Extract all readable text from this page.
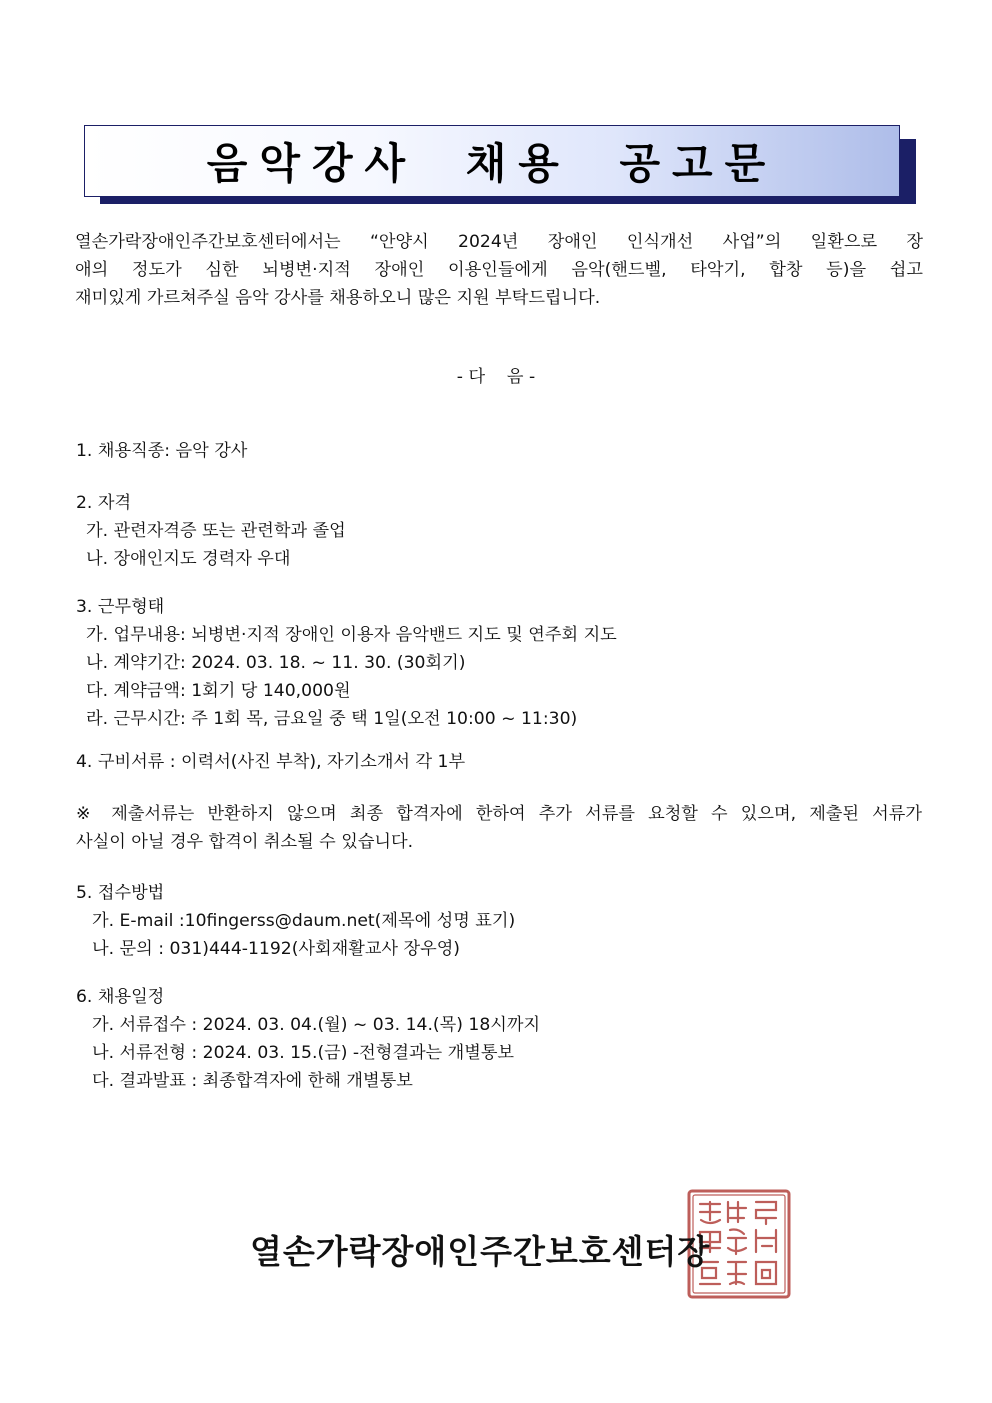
음악강사 채용 공고문
열손가락장애인주간보호센터에서는 “안양시 2024년 장애인 인식개선 사업”의 일환으로 장
애의 정도가 심한 뇌병변·지적 장애인 이용인들에게 음악(핸드벨, 타악기, 합창 등)을 쉽고
재미있게 가르쳐주실 음악 강사를 채용하오니 많은 지원 부탁드립니다.
- 다    음 -
1. 채용직종: 음악 강사
2. 자격
가. 관련자격증 또는 관련학과 졸업
나. 장애인지도 경력자 우대
3. 근무형태
가. 업무내용: 뇌병변·지적 장애인 이용자 음악밴드 지도 및 연주회 지도
나. 계약기간: 2024. 03. 18. ~ 11. 30. (30회기)
다. 계약금액: 1회기 당 140,000원
라. 근무시간: 주 1회 목, 금요일 중 택 1일(오전 10:00 ~ 11:30)
4. 구비서류 : 이력서(사진 부착), 자기소개서 각 1부
※ 제출서류는 반환하지 않으며 최종 합격자에 한하여 추가 서류를 요청할 수 있으며, 제출된 서류가
사실이 아닐 경우 합격이 취소될 수 있습니다.
5. 접수방법
가. E-mail :10fingerss@daum.net(제목에 성명 표기)
나. 문의 : 031)444-1192(사회재활교사 장우영)
6. 채용일정
가. 서류접수 : 2024. 03. 04.(월) ~ 03. 14.(목) 18시까지
나. 서류전형 : 2024. 03. 15.(금) -전형결과는 개별통보
다. 결과발표 : 최종합격자에 한해 개별통보
열손가락장애인주간보호센터장
